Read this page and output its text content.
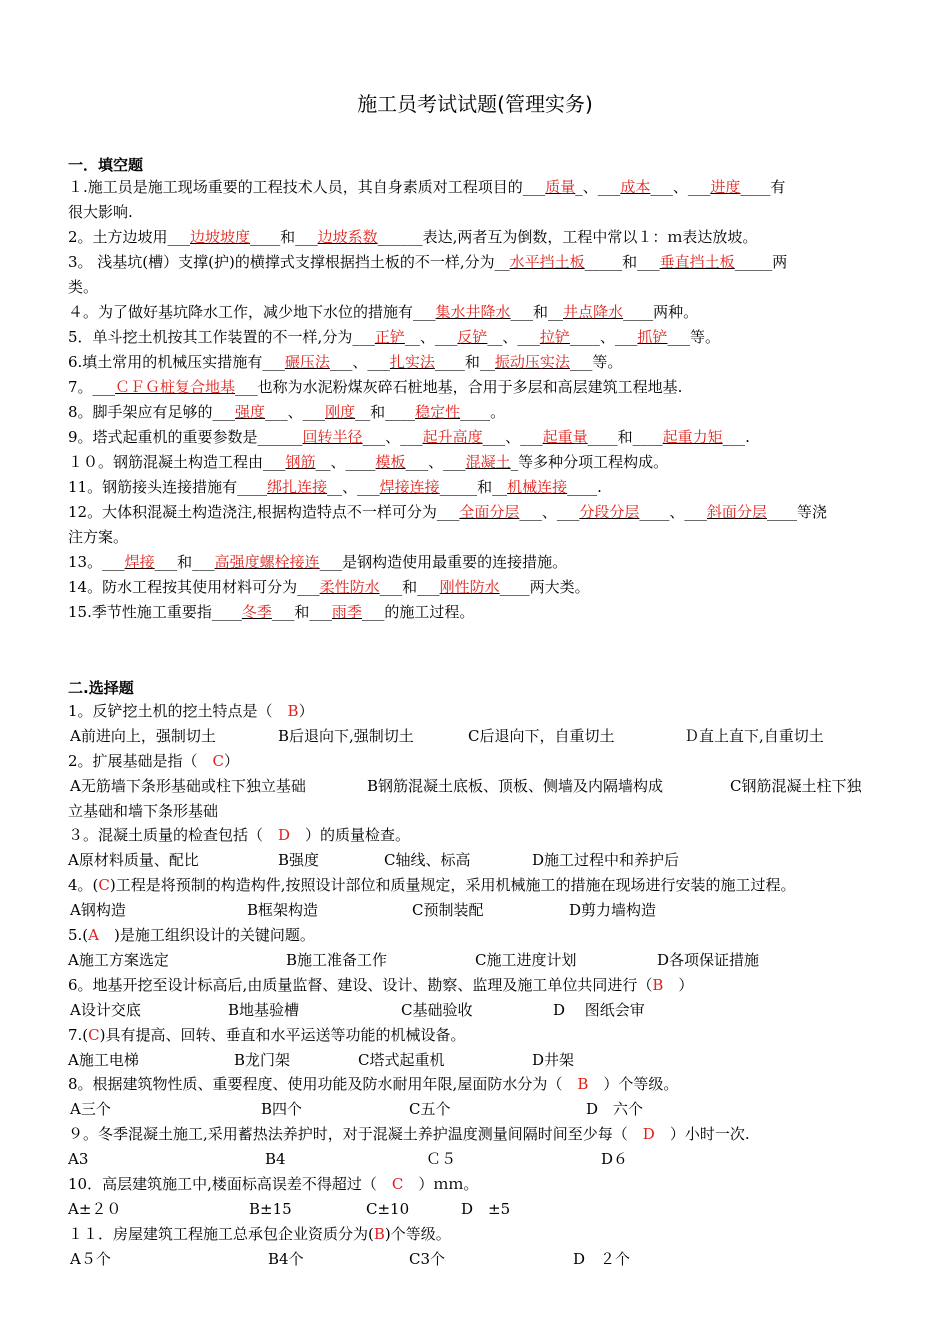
施工员考试试题(管理实务)
一．填空题
１.施工员是施工现场重要的工程技术人员，其自身素质对工程项目的___质量_、___成本___、___进度____有
很大影响.
2。土方边坡用___边坡坡度____和___边坡系数______表达,两者互为倒数，工程中常以１：ｍ表达放坡。
3。 浅基坑(槽）支撑(护)的横撑式支撑根据挡土板的不一样,分为__水平挡土板_____和___垂直挡土板_____两
类。
４。为了做好基坑降水工作，减少地下水位的措施有___集水井降水___和__井点降水____两种。
5．单斗挖土机按其工作装置的不一样,分为___正铲__、___反铲__、___拉铲____、___抓铲___等。
6.填土常用的机械压实措施有___碾压法___、___扎实法____和__振动压实法___等。
7。___ＣＦＧ桩复合地基___也称为水泥粉煤灰碎石桩地基，合用于多层和高层建筑工程地基.
8。脚手架应有足够的___强度___、___刚度__和____稳定性____。
9。塔式起重机的重要参数是______回转半径___、___起升高度___、___起重量____和____起重力矩___.
１０。钢筋混凝土构造工程由___钢筋__、____模板___、___混凝土_等多种分项工程构成。
11。钢筋接头连接措施有____绑扎连接__、___焊接连接_____和__机械连接____.
12。大体积混凝土构造浇注,根据构造特点不一样可分为___全面分层___、___分段分层____、___斜面分层____等浇
注方案。
13。___焊接___和___高强度螺栓接连___是钢构造使用最重要的连接措施。
14。防水工程按其使用材料可分为___柔性防水___和___刚性防水____两大类。
15.季节性施工重要指____冬季___和___雨季___的施工过程。
二.选择题
1。反铲挖土机的挖土特点是（　B）
A前进向上，强制切土	B后退向下,强制切土	C后退向下，自重切土	Ｄ直上直下,自重切土
2。扩展基础是指（　C）
A无筋墙下条形基础或柱下独立基础	B钢筋混凝土底板、顶板、侧墙及内隔墙构成	C钢筋混凝土柱下独
立基础和墙下条形基础
３。混凝土质量的检查包括（　D　）的质量检查。
A原材料质量、配比	B强度	C轴线、标高	D施工过程中和养护后
4。(C)工程是将预制的构造构件,按照设计部位和质量规定，采用机械施工的措施在现场进行安装的施工过程。
A钢构造	B框架构造	C预制装配	D剪力墙构造
5.(A　)是施工组织设计的关键问题。
A施工方案选定	B施工准备工作	C施工进度计划	D各项保证措施
6。地基开挖至设计标高后,由质量监督、建设、设计、勘察、监理及施工单位共同进行（B　）
A设计交底	B地基验槽	C基础验收	D　 图纸会审
7.(C)具有提高、回转、垂直和水平运送等功能的机械设备。
A施工电梯	B龙门架	C塔式起重机	D井架
8。根据建筑物性质、重要程度、使用功能及防水耐用年限,屋面防水分为（　B　）个等级。
A三个	B四个	C五个	D　六个
９。冬季混凝土施工,采用蓄热法养护时，对于混凝土养护温度测量间隔时间至少每（　D　）小时一次.
A3	B4	Ｃ５	D６
10．高层建筑施工中,楼面标高误差不得超过（　C　）ｍｍ。
A±２０	B±15	C±10	D　±5
１１．房屋建筑工程施工总承包企业资质分为(B)个等级。
A５个	B4个	C3个	D　２个
